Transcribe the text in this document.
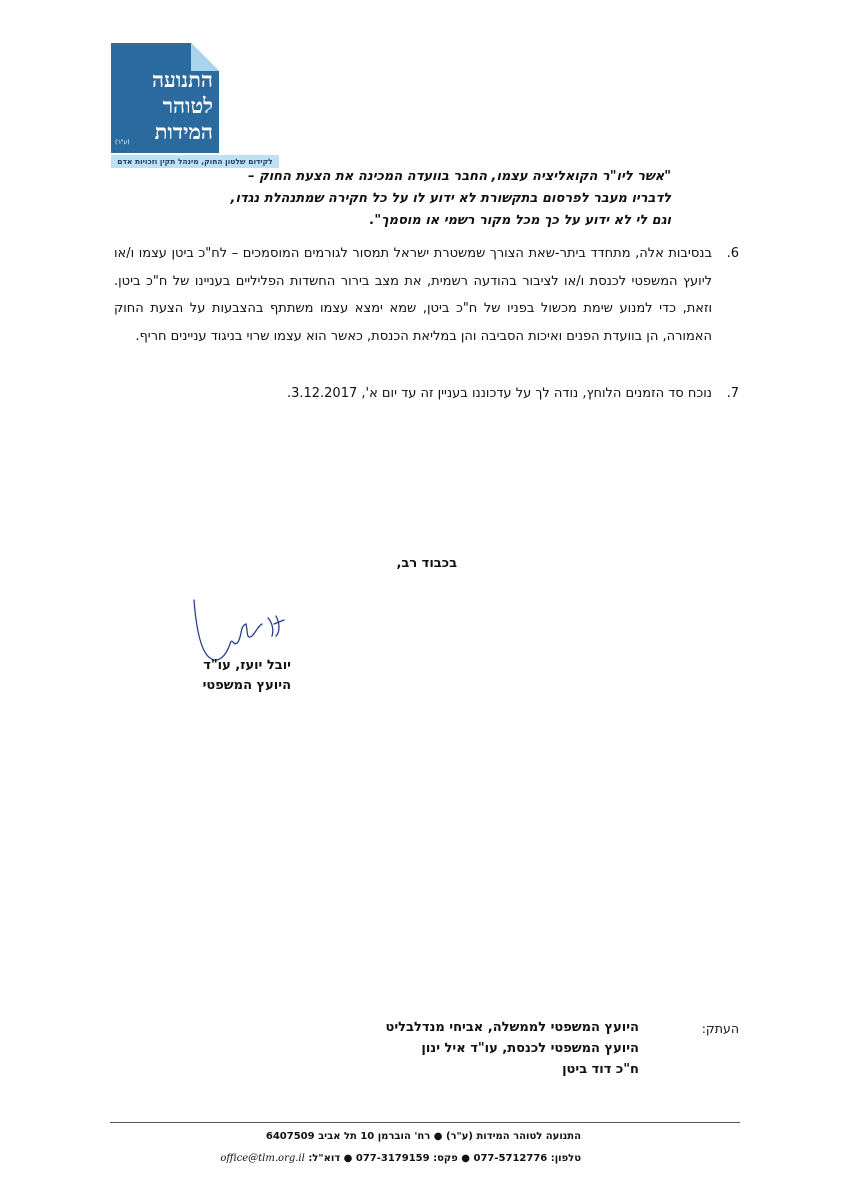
התנועה
לטוהר
המידות
(ע"ר)
לקידום שלטון החוק, מינהל תקין וזכויות אדם
"אשר ליו"ר הקואליציה עצמו, החבר בוועדה המכינה את הצעת החוק –
לדבריו מעבר לפרסום בתקשורת לא ידוע לו על כל חקירה שמתנהלת נגדו,
וגם לי לא ידוע על כך מכל מקור רשמי או מוסמך".
6.
בנסיבות אלה, מתחדד ביתר-שאת הצורך שמשטרת ישראל תמסור לגורמים המוסמכים – לח"כ ביטן עצמו ו/או ליועץ המשפטי לכנסת ו/או לציבור בהודעה רשמית, את מצב בירור החשדות הפליליים בעניינו של ח"כ ביטן. וזאת, כדי למנוע שימת מכשול בפניו של ח"כ ביטן, שמא ימצא עצמו משתתף בהצבעות על הצעת החוק האמורה, הן בוועדת הפנים ואיכות הסביבה והן במליאת הכנסת, כאשר הוא עצמו שרוי בניגוד עניינים חריף.
7.
נוכח סד הזמנים הלוחץ, נודה לך על עדכוננו בעניין זה עד יום א', 3.12.2017.
בכבוד רב,
יובל יועז, עו"ד
היועץ המשפטי
העתק:
היועץ המשפטי לממשלה, אביחי מנדלבליט
היועץ המשפטי לכנסת, עו"ד איל ינון
ח"כ דוד ביטן
התנועה לטוהר המידות (ע"ר) ● רח' הוברמן 10 תל אביב 6407509
טלפון: 077-5712776 ● פקס: 077-3179159 ● דוא"ל: office@tlm.org.il
